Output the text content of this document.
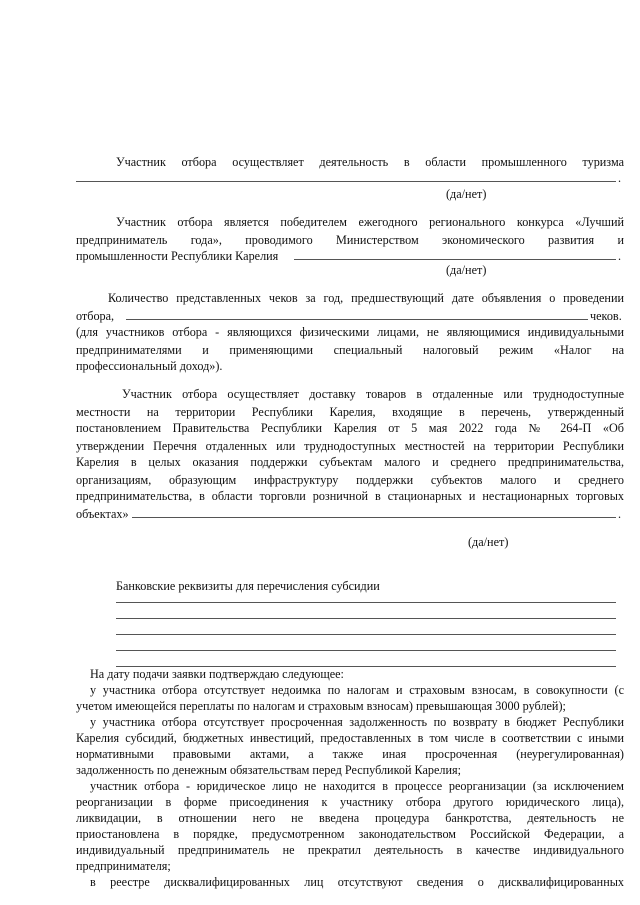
Участник отбора осуществляет деятельность в области промышленного туризма
.
(да/нет)
Участник отбора является победителем ежегодного регионального конкурса «Лучший
предприниматель года», проводимого Министерством экономического развития и
промышленности Республики Карелия	.
(да/нет)
Количество представленных чеков за год, предшествующий дате объявления о проведении
отбора,	чеков.
(для участников отбора - являющихся физическими лицами, не являющимися индивидуальными
предпринимателями и применяющими специальный налоговый режим «Налог на
профессиональный доход»).
Участник отбора осуществляет доставку товаров в отдаленные или труднодоступные
местности на территории Республики Карелия, входящие в перечень, утвержденный
постановлением Правительства Республики Карелия от 5 мая 2022 года № 264-П «Об
утверждении Перечня отдаленных или труднодоступных местностей на территории Республики
Карелия в целых оказания поддержки субъектам малого и среднего предпринимательства,
организациям, образующим инфраструктуру поддержки субъектов малого и среднего
предпринимательства, в области торговли розничной в стационарных и нестационарных торговых
объектах»	.
(да/нет)
Банковские реквизиты для перечисления субсидии
На дату подачи заявки подтверждаю следующее:
у участника отбора отсутствует недоимка по налогам и страховым взносам, в совокупности (с
учетом имеющейся переплаты по налогам и страховым взносам) превышающая 3000 рублей);
у участника отбора отсутствует просроченная задолженность по возврату в бюджет Республики
Карелия субсидий, бюджетных инвестиций, предоставленных в том числе в соответствии с иными
нормативными правовыми актами, а также иная просроченная (неурегулированная)
задолженность по денежным обязательствам перед Республикой Карелия;
участник отбора - юридическое лицо не находится в процессе реорганизации (за исключением
реорганизации в форме присоединения к участнику отбора другого юридического лица),
ликвидации, в отношении него не введена процедура банкротства, деятельность не
приостановлена в порядке, предусмотренном законодательством Российской Федерации, а
индивидуальный предприниматель не прекратил деятельность в качестве индивидуального
предпринимателя;
в реестре дисквалифицированных лиц отсутствуют сведения о дисквалифицированных
